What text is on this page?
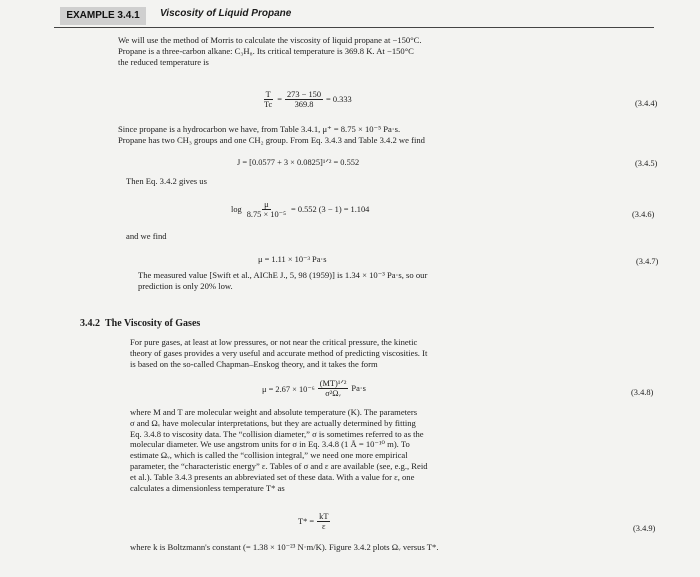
EXAMPLE 3.4.1	Viscosity of Liquid Propane
We will use the method of Morris to calculate the viscosity of liquid propane at −150°C.
Propane is a three-carbon alkane: C₃H₈. Its critical temperature is 369.8 K. At −150°C
the reduced temperature is
$\frac{T}{Tc} = \frac{273 - 150}{369.8} = 0.333$	(3.4.4)
Since propane is a hydrocarbon we have, from Table 3.4.1, μ⁺ = 8.75 × 10⁻⁵ Pa·s.
Propane has two CH₃ groups and one CH₂ group. From Eq. 3.4.3 and Table 3.4.2 we find
J = [0.0577 + 3 × 0.0825]¹ᐟ² = 0.552	(3.4.5)
Then Eq. 3.4.2 gives us
$\log \frac{\mu}{\text{8.75 × 10⁻⁵}} = 0.552$ (3 − 1) = 1.104
(3.4.6)
and we find
μ = 1.11 × 10⁻³ Pa·s	(3.4.7)
The measured value [Swift et al., AIChE J., 5, 98 (1959)] is 1.34 × 10⁻³ Pa·s, so our
prediction is only 20% low.
3.4.2 The Viscosity of Gases
For pure gases, at least at low pressures, or not near the critical pressure, the kinetic
theory of gases provides a very useful and accurate method of predicting viscosities. It
is based on the so-called Chapman–Enskog theory, and it takes the form
$\mu = 2.67 \times 10^{-6} \frac{\text{(MT)¹ᐟ²}}{\text{σ²Ωᵥ}} Pa\cdot s$	(3.4.8)
where M and T are molecular weight and absolute temperature (K). The parameters
σ and Ωᵥ have molecular interpretations, but they are actually determined by fitting
Eq. 3.4.8 to viscosity data. The “collision diameter,” σ is sometimes referred to as the
molecular diameter. We use angstrom units for σ in Eq. 3.4.8 (1 Å = 10⁻¹⁰ m). To
estimate Ωᵥ, which is called the “collision integral,” we need one more empirical
parameter, the “characteristic energy” ε. Tables of σ and ε are available (see, e.g., Reid
et al.). Table 3.4.3 presents an abbreviated set of these data. With a value for ε, one
calculates a dimensionless temperature T* as
$T* = \frac{kT}{\varepsilon}$	(3.4.9)
where k is Boltzmann's constant (= 1.38 × 10⁻²³ N·m/K). Figure 3.4.2 plots Ωᵥ versus T*.
